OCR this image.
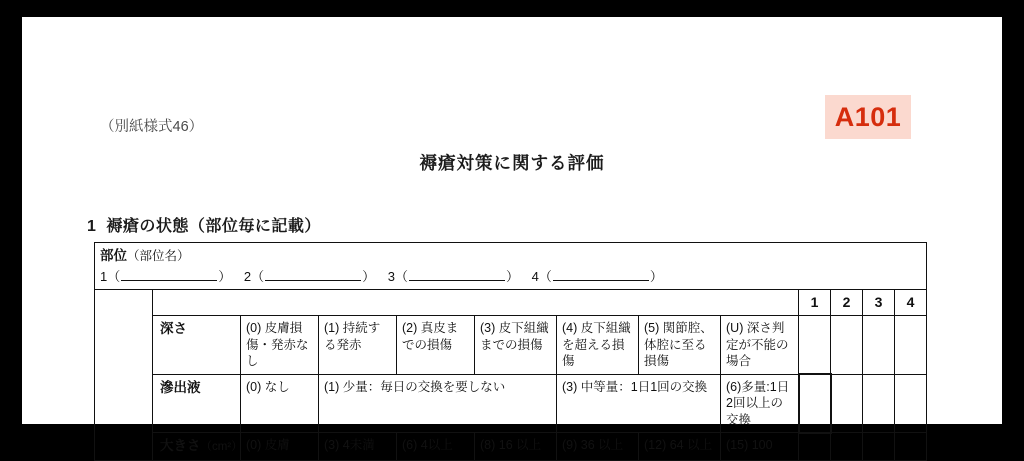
（別紙様式46）	A101
褥瘡対策に関する評価
1 褥瘡の状態（部位毎に記載）
部位（部位名）
1（ ） 2（ ） 3（ ） 4（ ）												

									1	2	3	4
	深さ	(0) 皮膚損傷・発赤なし	(1) 持続する発赤	(2) 真皮までの損傷	(3) 皮下組織までの損傷	(4) 皮下組織を超える損傷	(5) 関節腔、体腔に至る損傷	(U) 深さ判定が不能の場合				
	滲出液	(0) なし	(1) 少量：毎日の交換を要しない			(3) 中等量：1日1回の交換		(6)多量:1日2回以上の交換				
	大きさ（cm²）	(0) 皮膚	(3) 4未満	(6) 4以上	(8) 16 以上	(9) 36 以上	(12) 64 以上	(15) 100				
